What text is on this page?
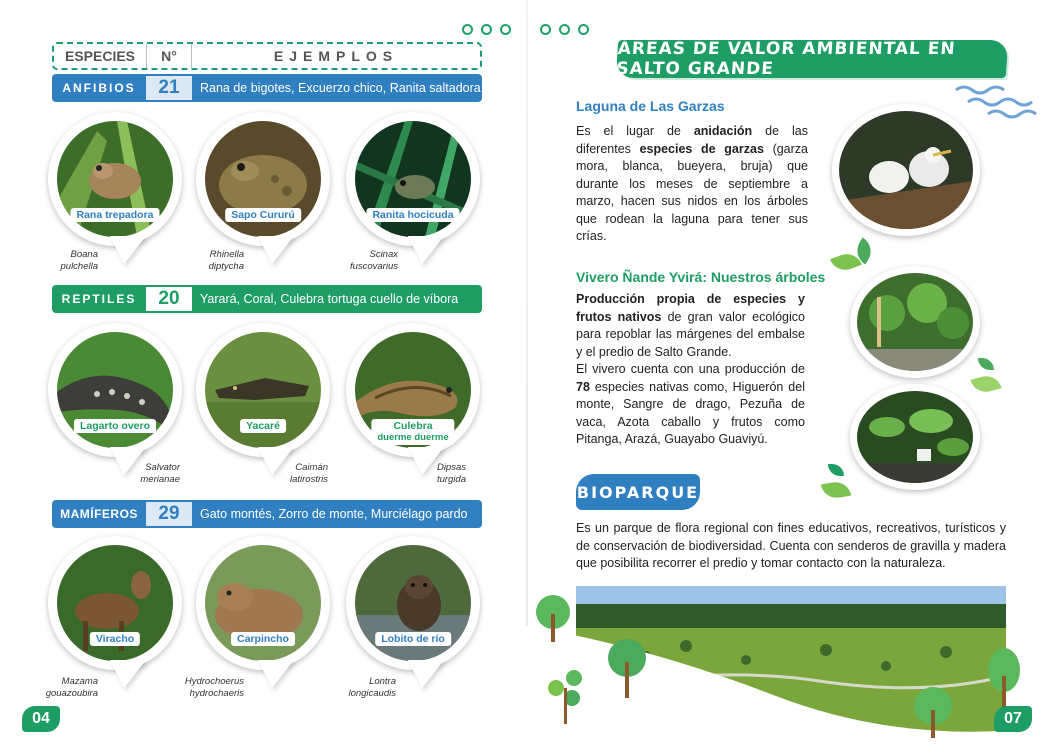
ESPECIES	N°	EJEMPLOS
ANFIBIOS	21	Rana de bigotes, Excuerzo chico, Ranita saltadora
Rana trepadora
Boana
pulchella
Sapo Cururú
Rhinella
diptycha
Ranita hocicuda
Scinax
fuscovarius
REPTILES	20	Yarará, Coral, Culebra tortuga cuello de víbora
Lagarto overo
Salvator
merianae
Yacaré
Caimán
latirostris
Culebra
duerme duerme
Dipsas
turgida
MAMÍFEROS	29	Gato montés, Zorro de monte, Murciélago pardo
Viracho
Mazama
gouazoubira
Carpincho
Hydrochoerus
hydrochaeris
Lobito de río
Lontra
longicaudis
04
ÁREAS DE VALOR AMBIENTAL EN SALTO GRANDE
Laguna de Las Garzas
Es el lugar de anidación de las diferentes especies de garzas (garza mora, blanca, bueyera, bruja) que durante los meses de septiembre a marzo, hacen sus nidos en los árboles que rodean la laguna para tener sus crías.
Vivero Ñande Yvirá: Nuestros árboles
Producción propia de especies y frutos nativos de gran valor ecológico para repoblar las márgenes del embalse y el predio de Salto Grande.
El vivero cuenta con una producción de 78 especies nativas como, Higuerón del monte, Sangre de drago, Pezuña de vaca, Azota caballo y frutos como Pitanga, Arazá, Guayabo Guaviyú.
BIOPARQUE
Es un parque de flora regional con fines educativos, recreativos, turísticos y de conservación de biodiversidad. Cuenta con senderos de gravilla y madera que posibilita recorrer el predio y tomar contacto con la naturaleza.
07
